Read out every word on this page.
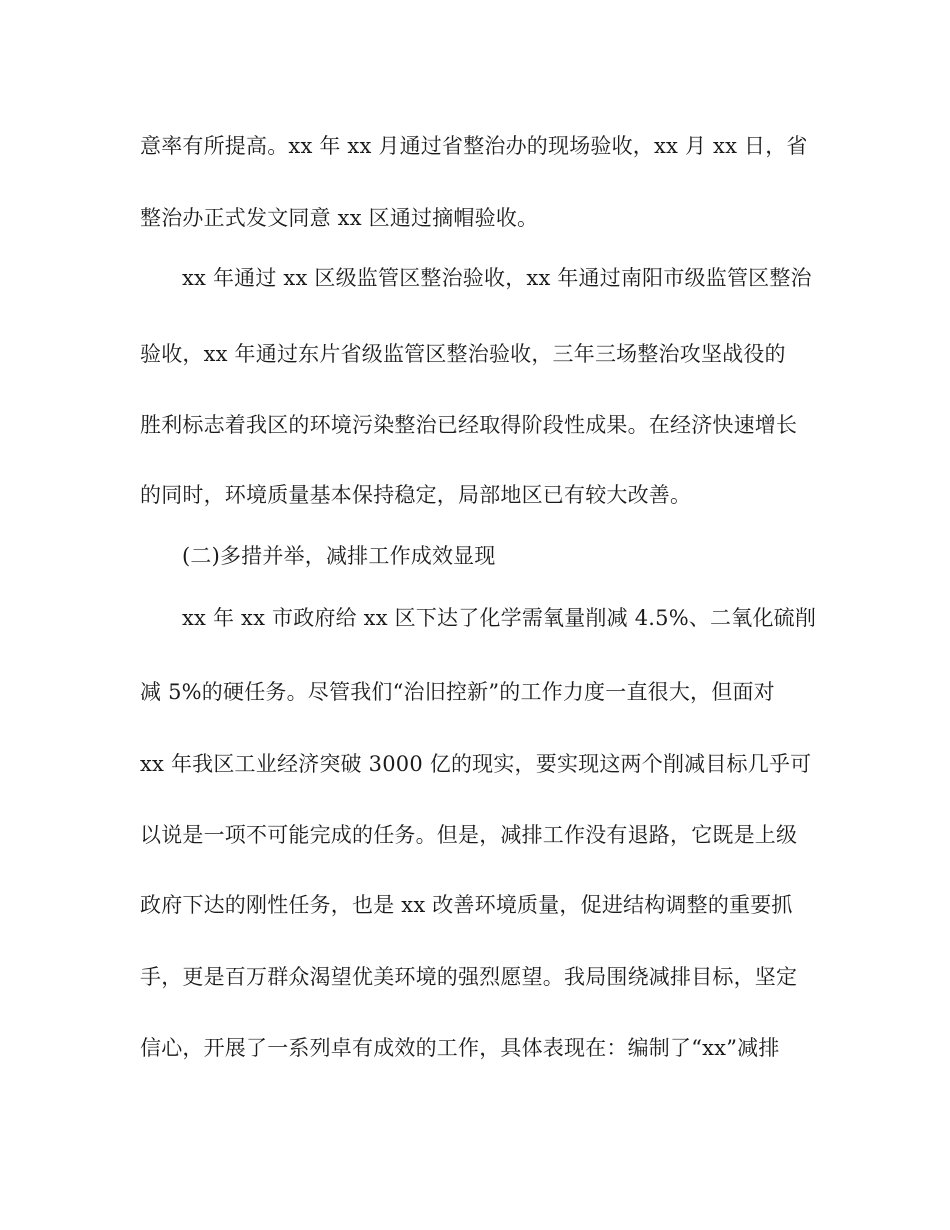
意率有所提高。xx 年 xx 月通过省整治办的现场验收，xx 月 xx 日，省
整治办正式发文同意 xx 区通过摘帽验收。
xx 年通过 xx 区级监管区整治验收，xx 年通过南阳市级监管区整治
验收，xx 年通过东片省级监管区整治验收，三年三场整治攻坚战役的
胜利标志着我区的环境污染整治已经取得阶段性成果。在经济快速增长
的同时，环境质量基本保持稳定，局部地区已有较大改善。
(二)多措并举，减排工作成效显现
xx 年 xx 市政府给 xx 区下达了化学需氧量削减 4.5%、二氧化硫削
减 5%的硬任务。尽管我们“治旧控新”的工作力度一直很大，但面对
xx 年我区工业经济突破 3000 亿的现实，要实现这两个削减目标几乎可
以说是一项不可能完成的任务。但是，减排工作没有退路，它既是上级
政府下达的刚性任务，也是 xx 改善环境质量，促进结构调整的重要抓
手，更是百万群众渴望优美环境的强烈愿望。我局围绕减排目标，坚定
信心，开展了一系列卓有成效的工作，具体表现在：编制了“xx”减排
